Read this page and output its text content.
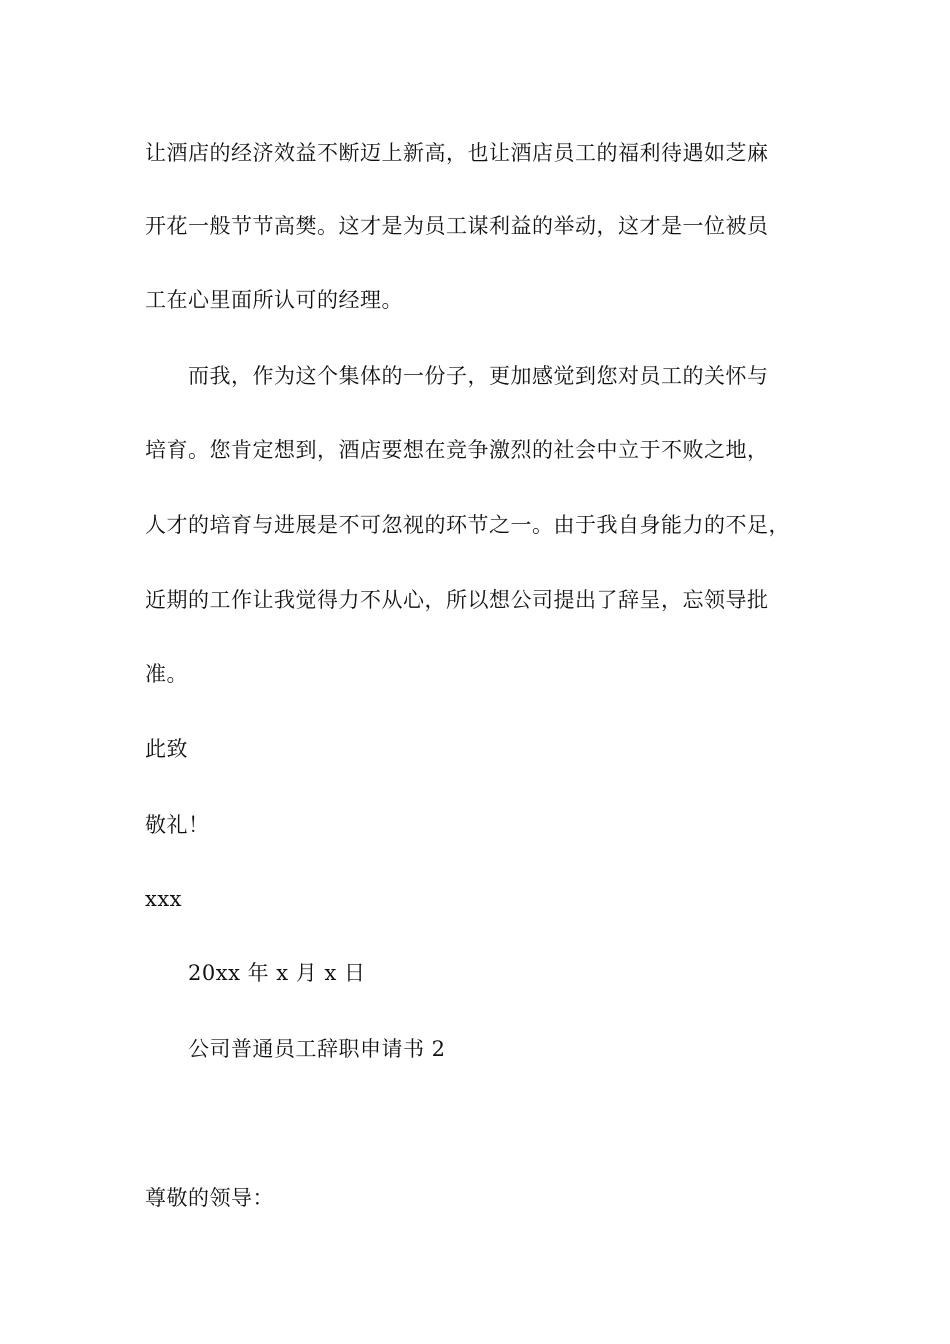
让酒店的经济效益不断迈上新高，也让酒店员工的福利待遇如芝麻
开花一般节节高樊。这才是为员工谋利益的举动，这才是一位被员
工在心里面所认可的经理。
而我，作为这个集体的一份子，更加感觉到您对员工的关怀与
培育。您肯定想到，酒店要想在竞争激烈的社会中立于不败之地，
人才的培育与进展是不可忽视的环节之一。由于我自身能力的不足，
近期的工作让我觉得力不从心，所以想公司提出了辞呈，忘领导批
准。
此致
敬礼！
xxx
20xx 年 x 月 x 日
公司普通员工辞职申请书 2
尊敬的领导：
